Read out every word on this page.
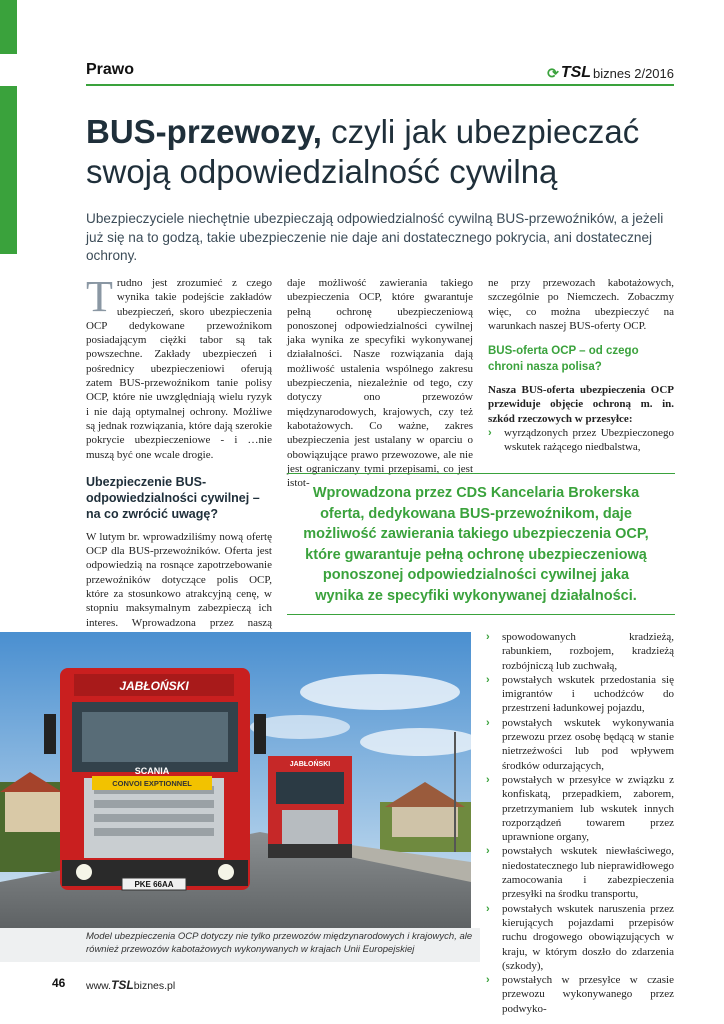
Prawo	⟳ TSL biznes 2/2016
BUS-przewozy, czyli jak ubezpieczać
swoją odpowiedzialność cywilną
Ubezpieczyciele niechętnie ubezpieczają odpowiedzialność cywilną BUS-przewoźników, a jeżeli już się na to godzą, takie ubezpieczenie nie daje ani dostatecznego pokrycia, ani dostatecznej ochrony.

Trudno jest zrozumieć z czego wynika takie podejście zakładów ubezpieczeń, skoro ubezpieczenia OCP dedykowane przewoźnikom posiadającym ciężki tabor są tak powszechne. Zakłady ubezpieczeń i pośrednicy ubezpieczeniowi oferują zatem BUS-przewoźnikom tanie polisy OCP, które nie uwzględniają wielu ryzyk i nie dają optymalnej ochrony. Możliwe są jednak rozwiązania, które dają szerokie pokrycie ubezpieczeniowe - i …nie muszą być one wcale drogie.

Ubezpieczenie BUS-odpowiedzialności cywilnej – na co zwrócić uwagę?

W lutym br. wprowadziliśmy nową ofertę OCP dla BUS-przewoźników. Oferta jest odpowiedzią na rosnące zapotrzebowanie przewoźników dotyczące polis OCP, które za stosunkowo atrakcyjną cenę, w stopniu maksymalnym zabezpieczą ich interes. Wprowadzona przez naszą

daje możliwość zawierania takiego ubezpieczenia OCP, które gwarantuje pełną ochronę ubezpieczeniową ponoszonej odpowiedzialności cywilnej jaka wynika ze specyfiki wykonywanej działalności. Nasze rozwiązania dają możliwość ustalenia wspólnego zakresu ubezpieczenia, niezależnie od tego, czy dotyczy ono przewozów międzynarodowych, krajowych, czy też kabotażowych. Co ważne, zakres ubezpieczenia jest ustalany w oparciu o obowiązujące prawo przewozowe, ale nie jest ograniczany tymi przepisami, co jest istot-

ne przy przewozach kabotażowych, szczególnie po Niemczech. Zobaczmy więc, co można ubezpieczyć na warunkach naszej BUS-oferty OCP.

BUS-oferta OCP – od czego chroni nasza polisa?

Nasza BUS-oferta ubezpieczenia OCP przewiduje objęcie ochroną m. in. szkód rzeczowych w przesyłce:

› wyrządzonych przez Ubezpieczonego wskutek rażącego niedbalstwa,

Wprowadzona przez CDS Kancelaria Brokerska oferta, dedykowana BUS-przewoźnikom, daje możliwość zawierania takiego ubezpieczenia OCP, które gwarantuje pełną ochronę ubezpieczeniową ponoszonej odpowiedzialności cywilnej jaka wynika ze specyfiki wykonywanej działalności.

JABŁOŃSKI
JABŁOŃSKI
SCANIA
CONVOI EXPTIONNEL
PKE 66AA
Model ubezpieczenia OCP dotyczy nie tylko przewozów międzynarodowych i krajowych, ale również przewozów kabotażowych wykonywanych w krajach Unii Europejskiej
› spowodowanych kradzieżą, rabunkiem, rozbojem, kradzieżą rozbójniczą lub zuchwałą,
› powstałych wskutek przedostania się imigrantów i uchodźców do przestrzeni ładunkowej pojazdu,
› powstałych wskutek wykonywania przewozu przez osobę będącą w stanie nietrzeźwości lub pod wpływem środków odurzających,
› powstałych w przesyłce w związku z konfiskatą, przepadkiem, zaborem, przetrzymaniem lub wskutek innych rozporządzeń towarem przez uprawnione organy,
› powstałych wskutek niewłaściwego, niedostatecznego lub nieprawidłowego zamocowania i zabezpieczenia przesyłki na środku transportu,
› powstałych wskutek naruszenia przez kierujących pojazdami przepisów ruchu drogowego obowiązujących w kraju, w którym doszło do zdarzenia (szkody),
› powstałych w przesyłce w czasie przewozu wykonywanego przez podwyko-
46 www.TSLbiznes.pl
